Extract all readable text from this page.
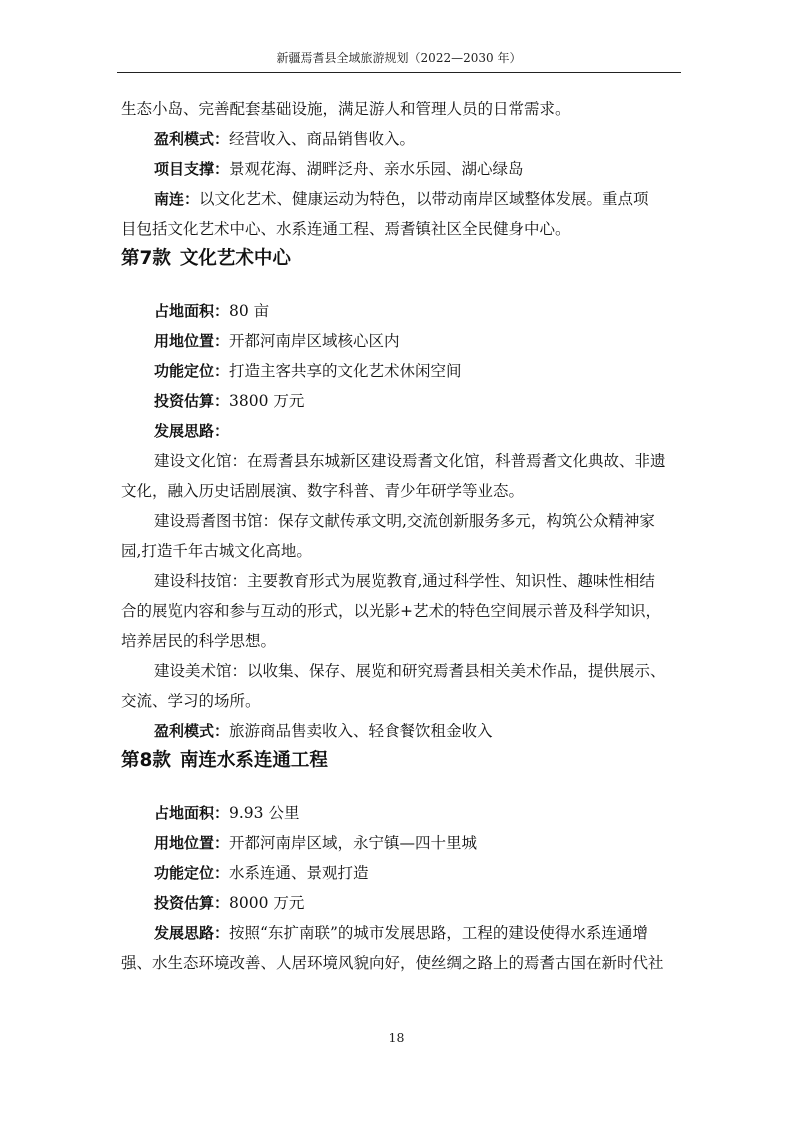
新疆焉耆县全域旅游规划（2022—2030 年）

生态小岛、完善配套基础设施，满足游人和管理人员的日常需求。

盈利模式：经营收入、商品销售收入。

项目支撑：景观花海、湖畔泛舟、亲水乐园、湖心绿岛

南连：以文化艺术、健康运动为特色，以带动南岸区域整体发展。重点项

目包括文化艺术中心、水系连通工程、焉耆镇社区全民健身中心。

第7款 文化艺术中心

占地面积：80 亩

用地位置：开都河南岸区域核心区内

功能定位：打造主客共享的文化艺术休闲空间

投资估算：3800 万元

发展思路：

建设文化馆：在焉耆县东城新区建设焉耆文化馆，科普焉耆文化典故、非遗

文化，融入历史话剧展演、数字科普、青少年研学等业态。

建设焉耆图书馆：保存文献传承文明,交流创新服务多元，构筑公众精神家

园,打造千年古城文化高地。

建设科技馆：主要教育形式为展览教育,通过科学性、知识性、趣味性相结

合的展览内容和参与互动的形式，以光影+艺术的特色空间展示普及科学知识，

培养居民的科学思想。

建设美术馆：以收集、保存、展览和研究焉耆县相关美术作品，提供展示、

交流、学习的场所。

盈利模式：旅游商品售卖收入、轻食餐饮租金收入

第8款 南连水系连通工程

占地面积：9.93 公里

用地位置：开都河南岸区域，永宁镇—四十里城

功能定位：水系连通、景观打造

投资估算：8000 万元

发展思路：按照“东扩南联”的城市发展思路，工程的建设使得水系连通增

强、水生态环境改善、人居环境风貌向好，使丝绸之路上的焉耆古国在新时代社

18
